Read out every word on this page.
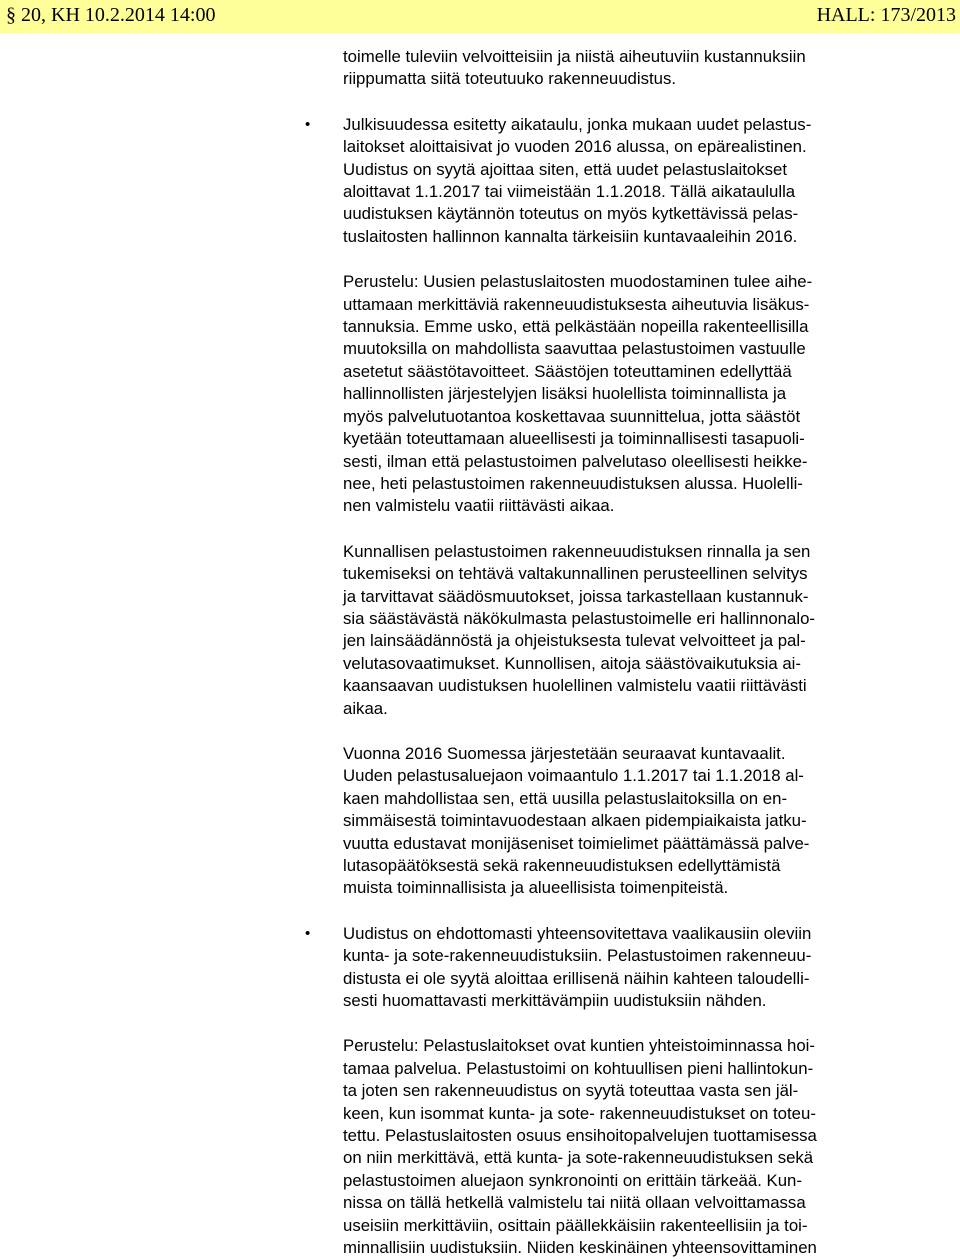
§ 20, KH 10.2.2014 14:00	HALL: 173/2013
toimelle tuleviin velvoitteisiin ja niistä aiheutuviin kustannuksiin
riippumatta siitä toteutuuko rakenneuudistus.
• Julkisuudessa esitetty aikataulu, jonka mukaan uudet pelastus-
laitokset aloittaisivat jo vuoden 2016 alussa, on epärealistinen.
Uudistus on syytä ajoittaa siten, että uudet pelastuslaitokset
aloittavat 1.1.2017 tai viimeistään 1.1.2018. Tällä aikataululla
uudistuksen käytännön toteutus on myös kytkettävissä pelas-
tuslaitosten hallinnon kannalta tärkeisiin kuntavaaleihin 2016.
Perustelu: Uusien pelastuslaitosten muodostaminen tulee aihe-
uttamaan merkittäviä rakenneuudistuksesta aiheutuvia lisäkus-
tannuksia. Emme usko, että pelkästään nopeilla rakenteellisilla
muutoksilla on mahdollista saavuttaa pelastustoimen vastuulle
asetetut säästötavoitteet. Säästöjen toteuttaminen edellyttää
hallinnollisten järjestelyjen lisäksi huolellista toiminnallista ja
myös palvelutuotantoa koskettavaa suunnittelua, jotta säästöt
kyetään toteuttamaan alueellisesti ja toiminnallisesti tasapuoli-
sesti, ilman että pelastustoimen palvelutaso oleellisesti heikke-
nee, heti pelastustoimen rakenneuudistuksen alussa. Huolelli-
nen valmistelu vaatii riittävästi aikaa.
Kunnallisen pelastustoimen rakenneuudistuksen rinnalla ja sen
tukemiseksi on tehtävä valtakunnallinen perusteellinen selvitys
ja tarvittavat säädösmuutokset, joissa tarkastellaan kustannuk-
sia säästävästä näkökulmasta pelastustoimelle eri hallinnonalo-
jen lainsäädännöstä ja ohjeistuksesta tulevat velvoitteet ja pal-
velutasovaatimukset. Kunnollisen, aitoja säästövaikutuksia ai-
kaansaavan uudistuksen huolellinen valmistelu vaatii riittävästi
aikaa.
Vuonna 2016 Suomessa järjestetään seuraavat kuntavaalit.
Uuden pelastusaluejaon voimaantulo 1.1.2017 tai 1.1.2018 al-
kaen mahdollistaa sen, että uusilla pelastuslaitoksilla on en-
simmäisestä toimintavuodestaan alkaen pidempiaikaista jatku-
vuutta edustavat monijäseniset toimielimet päättämässä palve-
lutasopäätöksestä sekä rakenneuudistuksen edellyttämistä
muista toiminnallisista ja alueellisista toimenpiteistä.
• Uudistus on ehdottomasti yhteensovitettava vaalikausiin oleviin
kunta- ja sote-rakenneuudistuksiin. Pelastustoimen rakenneuu-
distusta ei ole syytä aloittaa erillisenä näihin kahteen taloudelli-
sesti huomattavasti merkittävämpiin uudistuksiin nähden.
Perustelu: Pelastuslaitokset ovat kuntien yhteistoiminnassa hoi-
tamaa palvelua. Pelastustoimi on kohtuullisen pieni hallintokun-
ta joten sen rakenneuudistus on syytä toteuttaa vasta sen jäl-
keen, kun isommat kunta- ja sote- rakenneuudistukset on toteu-
tettu. Pelastuslaitosten osuus ensihoitopalvelujen tuottamisessa
on niin merkittävä, että kunta- ja sote-rakenneuudistuksen sekä
pelastustoimen aluejaon synkronointi on erittäin tärkeää. Kun-
nissa on tällä hetkellä valmistelu tai niitä ollaan velvoittamassa
useisiin merkittäviin, osittain päällekkäisiin rakenteellisiin ja toi-
minnallisiin uudistuksiin. Niiden keskinäinen yhteensovittaminen
